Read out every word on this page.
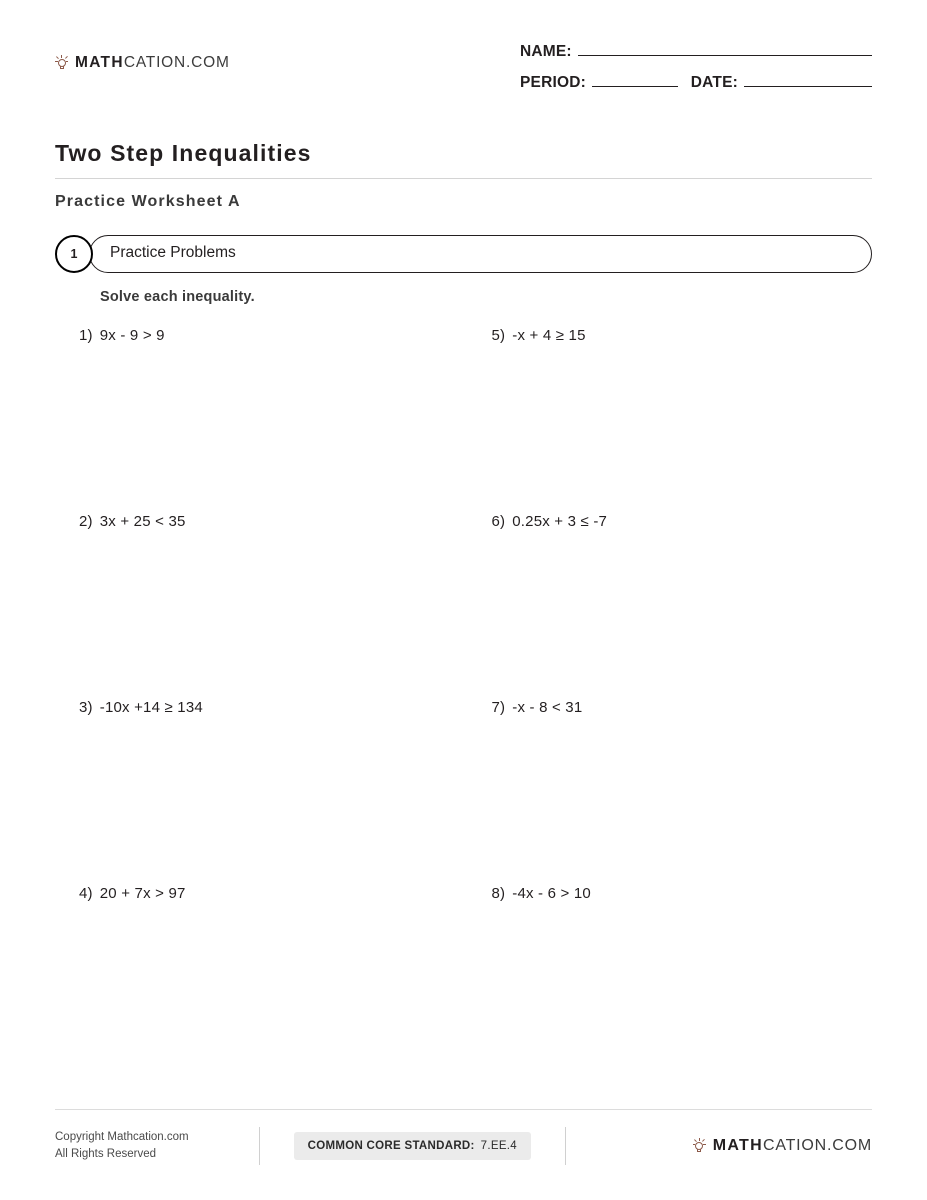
MATHCATION.COM
NAME:
PERIOD:	DATE:
Two Step Inequalities
Practice Worksheet A
1	Practice Problems
Solve each inequality.
1) 9x - 9 > 9
2) 3x + 25 < 35
3) -10x +14 ≥ 134
4) 20 + 7x > 97
5) -x + 4 ≥ 15
6) 0.25x + 3 ≤ -7
7) -x - 8 < 31
8) -4x - 6 > 10
Copyright Mathcation.com
All Rights Reserved
COMMON CORE STANDARD: 7.EE.4	MATHCATION.COM
